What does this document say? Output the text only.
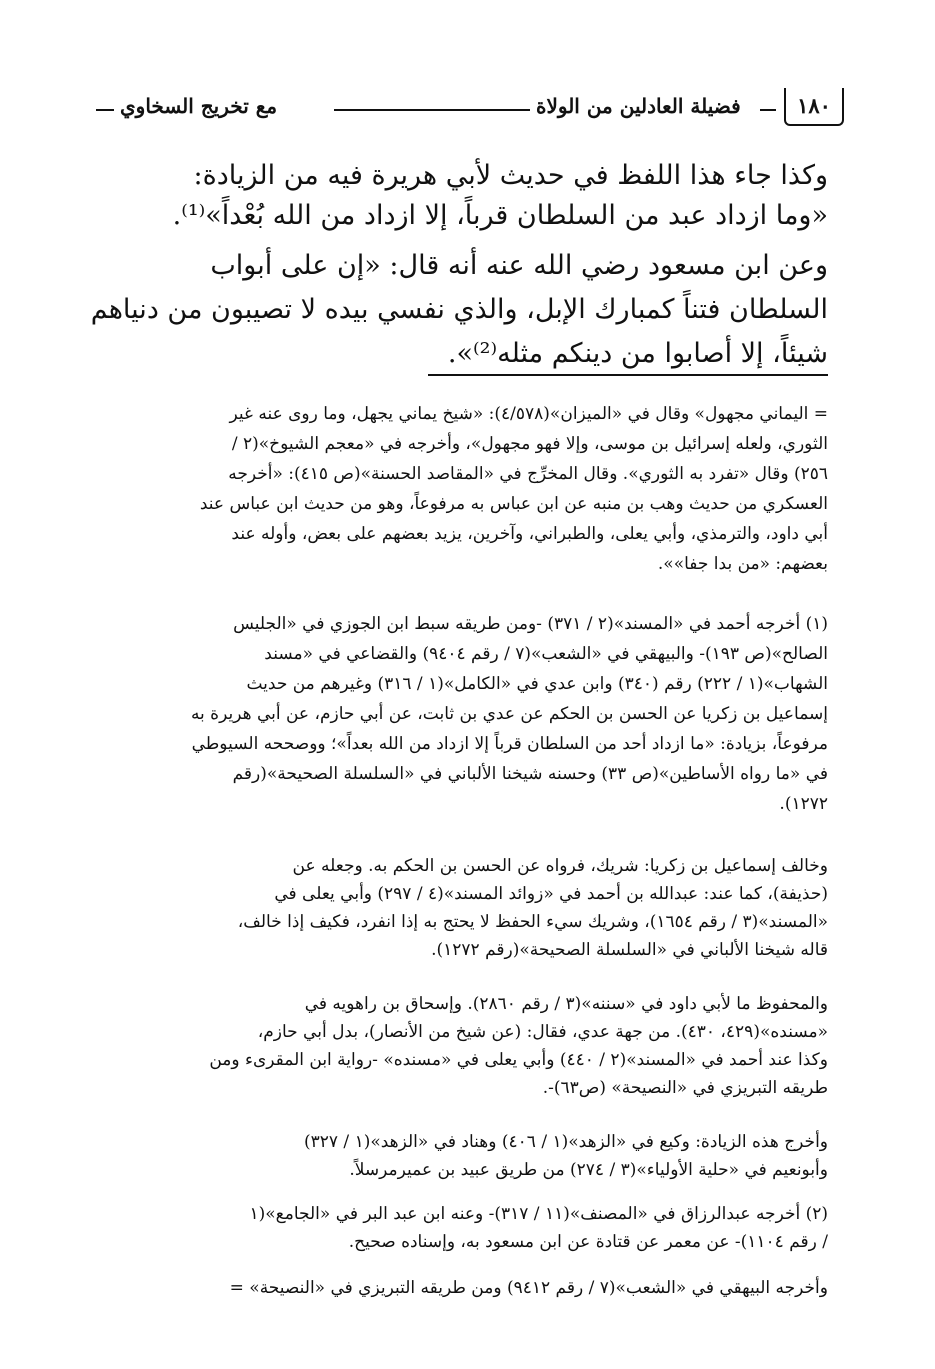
مع تخريج السخاوي	فضيلة العادلين من الولاة	١٨٠
وكذا جاء هذا اللفظ في حديث لأبي هريرة فيه من الزيادة:
«وما ازداد عبد من السلطان قرباً، إلا ازداد من الله بُعْداً»⁽¹⁾.
وعن ابن مسعود رضي الله عنه أنه قال: «إن على أبواب
السلطان فتناً كمبارك الإبل، والذي نفسي بيده لا تصيبون من دنياهم
شيئاً، إلا أصابوا من دينكم مثله⁽²⁾».
= اليماني مجهول» وقال في «الميزان»(٤/٥٧٨): «شيخ يماني يجهل، وما روى عنه غير
الثوري، ولعله إسرائيل بن موسى، وإلا فهو مجهول»، وأخرجه في «معجم الشيوخ»(٢ /
٢٥٦) وقال «تفرد به الثوري». وقال المخرِّج في «المقاصد الحسنة»(ص ٤١٥): «أخرجه
العسكري من حديث وهب بن منبه عن ابن عباس به مرفوعاً، وهو من حديث ابن عباس عند
أبي داود، والترمذي، وأبي يعلى، والطبراني، وآخرين، يزيد بعضهم على بعض، وأوله عند
بعضهم: «من بدا جفا»».
(١) أخرجه أحمد في «المسند»(٢ / ٣٧١) -ومن طريقه سبط ابن الجوزي في «الجليس
الصالح»(ص ١٩٣)- والبيهقي في «الشعب»(٧ / رقم ٩٤٠٤) والقضاعي في «مسند
الشهاب»(١ / ٢٢٢) رقم (٣٤٠) وابن عدي في «الكامل»(١ / ٣١٦) وغيرهم من حديث
إسماعيل بن زكريا عن الحسن بن الحكم عن عدي بن ثابت، عن أبي حازم، عن أبي هريرة به
مرفوعاً، بزيادة: «ما ازداد أحد من السلطان قرباً إلا ازداد من الله بعداً»؛ ووصححه السيوطي
في «ما رواه الأساطين»(ص ٣٣) وحسنه شيخنا الألباني في «السلسلة الصحيحة»(رقم
١٢٧٢).
وخالف إسماعيل بن زكريا: شريك، فرواه عن الحسن بن الحكم به. وجعله عن
(حذيفة)، كما عند: عبدالله بن أحمد في «زوائد المسند»(٤ / ٢٩٧) وأبي يعلى في
«المسند»(٣ / رقم ١٦٥٤)، وشريك سيء الحفظ لا يحتج به إذا انفرد، فكيف إذا خالف،
قاله شيخنا الألباني في «السلسلة الصحيحة»(رقم ١٢٧٢).
والمحفوظ ما لأبي داود في «سننه»(٣ / رقم ٢٨٦٠). وإسحاق بن راهويه في
«مسنده»(٤٢٩، ٤٣٠). من جهة عدي، فقال: (عن شيخ من الأنصار)، بدل أبي حازم،
وكذا عند أحمد في «المسند»(٢ / ٤٤٠) وأبي يعلى في «مسنده» -رواية ابن المقرىء ومن
طريقه التبريزي في «النصيحة» (ص٦٣)-.
وأخرج هذه الزيادة: وكيع في «الزهد»(١ / ٤٠٦) وهناد في «الزهد»(١ / ٣٢٧)
وأبونعيم في «حلية الأولياء»(٣ / ٢٧٤) من طريق عبيد بن عميرمرسلاً.
(٢) أخرجه عبدالرزاق في «المصنف»(١١ / ٣١٧)- وعنه ابن عبد البر في «الجامع»(١
/ رقم ١١٠٤)- عن معمر عن قتادة عن ابن مسعود به، وإسناده صحيح.
وأخرجه البيهقي في «الشعب»(٧ / رقم ٩٤١٢) ومن طريقه التبريزي في «النصيحة» =
